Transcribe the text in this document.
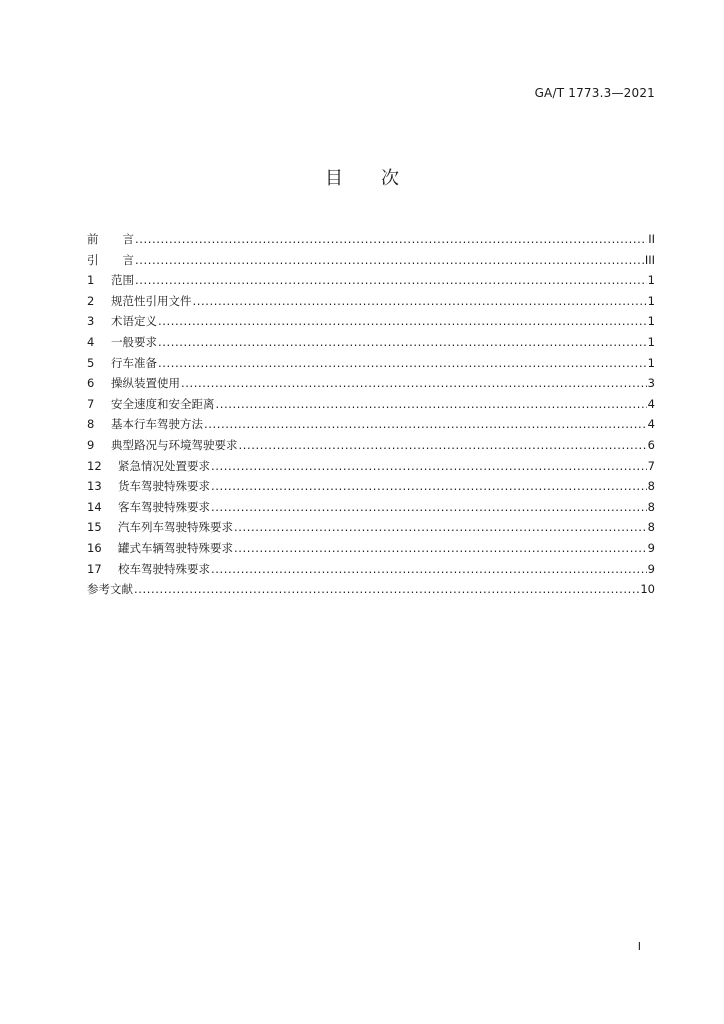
GA/T 1773.3—2021
目 次
前 言 .....	II
引 言 .....	III
1	范围 .....	1
2	规范性引用文件 .....	1
3	术语定义 .....	1
4	一般要求 .....	1
5	行车准备 .....	1
6	操纵装置使用 .....	3
7	安全速度和安全距离 .....	4
8	基本行车驾驶方法 .....	4
9	典型路况与环境驾驶要求 .....	6
12	紧急情况处置要求 .....	7
13	货车驾驶特殊要求 .....	8
14	客车驾驶特殊要求 .....	8
15	汽车列车驾驶特殊要求 .....	8
16	罐式车辆驾驶特殊要求 .....	9
17	校车驾驶特殊要求 .....	9
参考文献 .....	10
I
